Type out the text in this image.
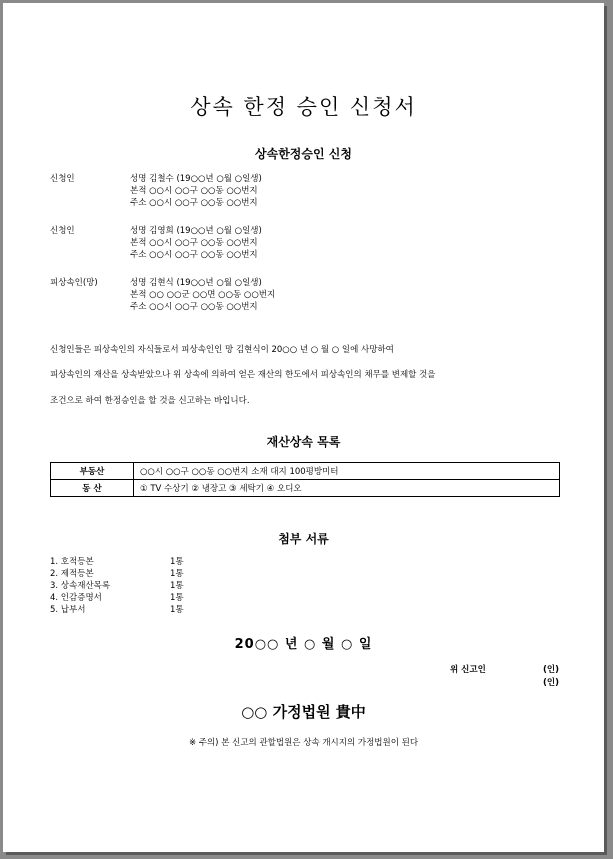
상속 한정 승인 신청서
상속한정승인 신청
신청인	성명 김철수 (19○○년 ○월 ○일생)
본적 ○○시 ○○구 ○○동 ○○번지
주소 ○○시 ○○구 ○○동 ○○번지
신청인	성명 김영희 (19○○년 ○월 ○일생)
본적 ○○시 ○○구 ○○동 ○○번지
주소 ○○시 ○○구 ○○동 ○○번지
피상속인(망)	성명 김현식 (19○○년 ○월 ○일생)
본적 ○○ ○○군 ○○면 ○○동 ○○번지
주소 ○○시 ○○구 ○○동 ○○번지
신청인들은 피상속인의 자식들로서 피상속인인 망 김현식이 20○○ 년 ○ 월 ○ 일에 사망하여
피상속인의 재산을 상속받았으나 위 상속에 의하여 얻은 재산의 한도에서 피상속인의 채무를 변제할 것을
조건으로 하여 한정승인을 할 것을 신고하는 바입니다.
재산상속 목록
부동산	○○시 ○○구 ○○동 ○○번지 소재 대지 100평방미터
동 산	① TV 수상기 ② 냉장고 ③ 세탁기 ④ 오디오
첨부 서류
1. 호적등본	1통
2. 제적등본	1통
3. 상속재산목록	1통
4. 인감증명서	1통
5. 납부서	1통
20○○ 년 ○ 월 ○ 일
위 신고인	(인)
(인)
○○ 가정법원 貴中
※ 주의) 본 신고의 관할법원은 상속 개시지의 가정법원이 된다
